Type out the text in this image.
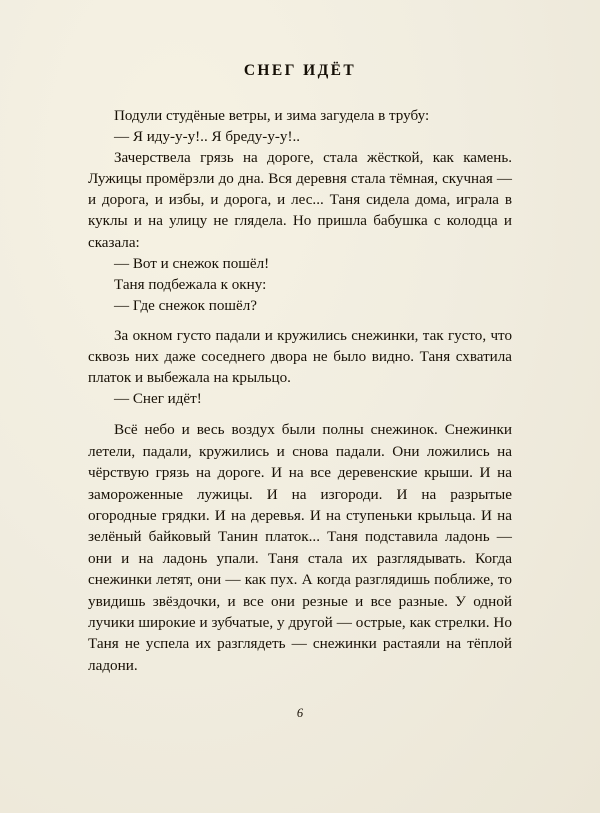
СНЕГ ИДЁТ

Подули студёные ветры, и зима загудела в трубу:

— Я иду-у-у!.. Я бреду-у-у!..

Зачерствела грязь на дороге, стала жёсткой, как камень. Лужицы промёрзли до дна. Вся деревня стала тёмная, скучная — и дорога, и избы, и дорога, и лес... Таня сидела дома, играла в куклы и на улицу не глядела. Но пришла бабушка с колодца и сказала:

— Вот и снежок пошёл!

Таня подбежала к окну:

— Где снежок пошёл?

За окном густо падали и кружились снежинки, так густо, что сквозь них даже соседнего двора не было видно. Таня схватила платок и выбежала на крыльцо.

— Снег идёт!

Всё небо и весь воздух были полны снежинок. Снежинки летели, падали, кружились и снова падали. Они ложились на чёрствую грязь на дороге. И на все деревенские крыши. И на замороженные лужицы. И на изгороди. И на разрытые огородные грядки. И на деревья. И на ступеньки крыльца. И на зелёный байковый Танин платок... Таня подставила ладонь — они и на ладонь упали. Таня стала их разглядывать. Когда снежинки летят, они — как пух. А когда разглядишь поближе, то увидишь звёздочки, и все они резные и все разные. У одной лучики широкие и зубчатые, у другой — острые, как стрелки. Но Таня не успела их разглядеть — снежинки растаяли на тёплой ладони.

6
